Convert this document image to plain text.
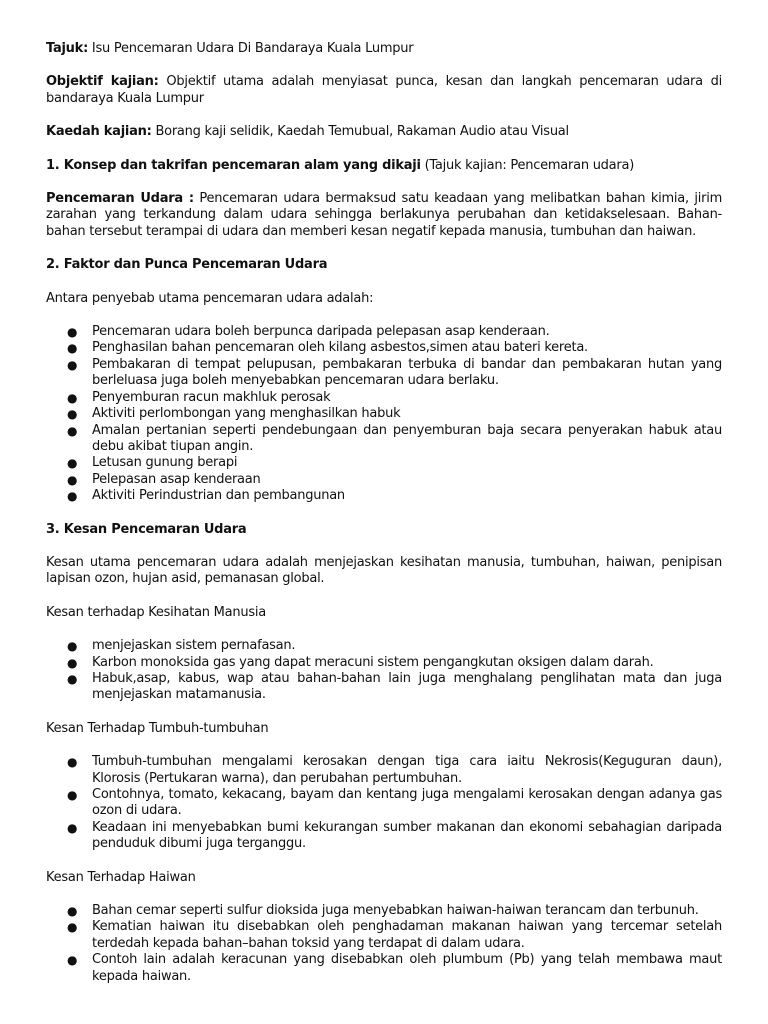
Tajuk: Isu Pencemaran Udara Di Bandaraya Kuala Lumpur

Objektif kajian: Objektif utama adalah menyiasat punca, kesan dan langkah pencemaran udara di bandaraya Kuala Lumpur

Kaedah kajian: Borang kaji selidik, Kaedah Temubual, Rakaman Audio atau Visual

1. Konsep dan takrifan pencemaran alam yang dikaji (Tajuk kajian: Pencemaran udara)

Pencemaran Udara : Pencemaran udara bermaksud satu keadaan yang melibatkan bahan kimia, jirim zarahan yang terkandung dalam udara sehingga berlakunya perubahan dan ketidakselesaan. Bahan-bahan tersebut terampai di udara dan memberi kesan negatif kepada manusia, tumbuhan dan haiwan.

2. Faktor dan Punca Pencemaran Udara

Antara penyebab utama pencemaran udara adalah:

● Pencemaran udara boleh berpunca daripada pelepasan asap kenderaan.
● Penghasilan bahan pencemaran oleh kilang asbestos,simen atau bateri kereta.
● Pembakaran di tempat pelupusan, pembakaran terbuka di bandar dan pembakaran hutan yang berleluasa juga boleh menyebabkan pencemaran udara berlaku.
● Penyemburan racun makhluk perosak
● Aktiviti perlombongan yang menghasilkan habuk
● Amalan pertanian seperti pendebungaan dan penyemburan baja secara penyerakan habuk atau debu akibat tiupan angin.
● Letusan gunung berapi
● Pelepasan asap kenderaan
● Aktiviti Perindustrian dan pembangunan

3. Kesan Pencemaran Udara

Kesan utama pencemaran udara adalah menjejaskan kesihatan manusia, tumbuhan, haiwan, penipisan lapisan ozon, hujan asid, pemanasan global.

Kesan terhadap Kesihatan Manusia

● menjejaskan sistem pernafasan.
● Karbon monoksida gas yang dapat meracuni sistem pengangkutan oksigen dalam darah.
● Habuk,asap, kabus, wap atau bahan-bahan lain juga menghalang penglihatan mata dan juga menjejaskan matamanusia.

Kesan Terhadap Tumbuh-tumbuhan

● Tumbuh-tumbuhan mengalami kerosakan dengan tiga cara iaitu Nekrosis(Keguguran daun), Klorosis (Pertukaran warna), dan perubahan pertumbuhan.
● Contohnya, tomato, kekacang, bayam dan kentang juga mengalami kerosakan dengan adanya gas ozon di udara.
● Keadaan ini menyebabkan bumi kekurangan sumber makanan dan ekonomi sebahagian daripada penduduk dibumi juga terganggu.

Kesan Terhadap Haiwan

● Bahan cemar seperti sulfur dioksida juga menyebabkan haiwan-haiwan terancam dan terbunuh.
● Kematian haiwan itu disebabkan oleh penghadaman makanan haiwan yang tercemar setelah terdedah kepada bahan–bahan toksid yang terdapat di dalam udara.
● Contoh lain adalah keracunan yang disebabkan oleh plumbum (Pb) yang telah membawa maut kepada haiwan.
